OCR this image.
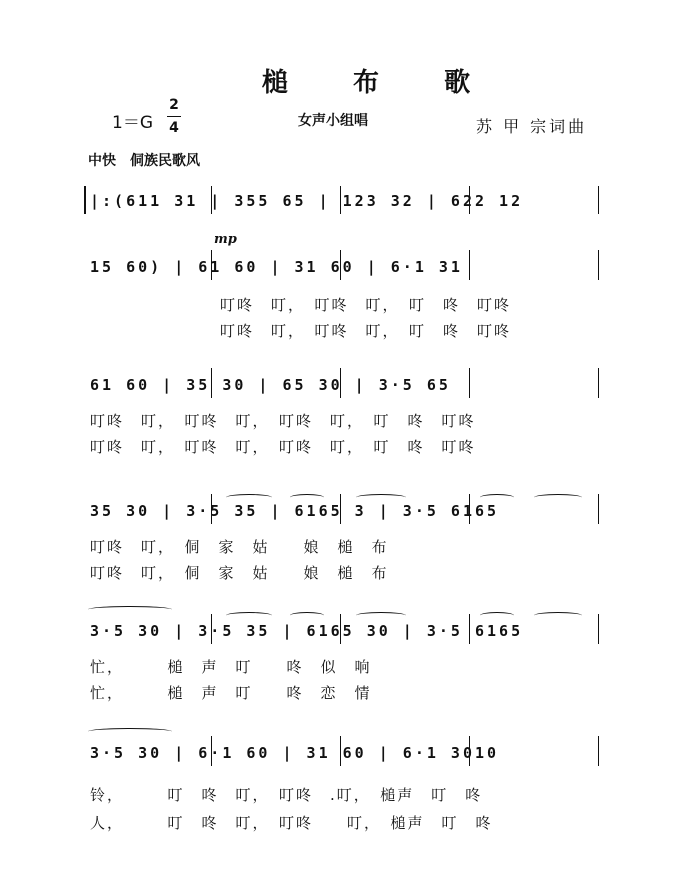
槌 布 歌
1＝G
2
4	女声小组唱	苏 甲 宗词曲
中快　侗族民歌风
|:(611 31 | 355 65 | 123 32 | 622 12
mp
15 60) | 61 60 | 31 60 | 6·1 31
叮咚　叮，　叮咚　叮，　叮　咚　叮咚
叮咚　叮，　叮咚　叮，　叮　咚　叮咚
61 60 | 35 30 | 65 30 | 3·5 65
叮咚　叮，　叮咚　叮，　叮咚　叮，　叮　咚　叮咚
叮咚　叮，　叮咚　叮，　叮咚　叮，　叮　咚　叮咚
35 30 | 3·5 35 | 6165 3 | 3·5 6165
叮咚　叮，　侗　家　姑　　娘　槌　布
叮咚　叮，　侗　家　姑　　娘　槌　布
3·5 30 | 3·5 35 | 6165 30 | 3·5 6165
忙，　　　槌　声　叮　　咚　似　响
忙，　　　槌　声　叮　　咚　恋　情
3·5 30 | 6·1 60 | 31 60 | 6·1 3010
铃，　　　叮　咚　叮，　叮咚　.叮，　槌声　叮　咚
人，　　　叮　咚　叮，　叮咚　　叮，　槌声　叮　咚
